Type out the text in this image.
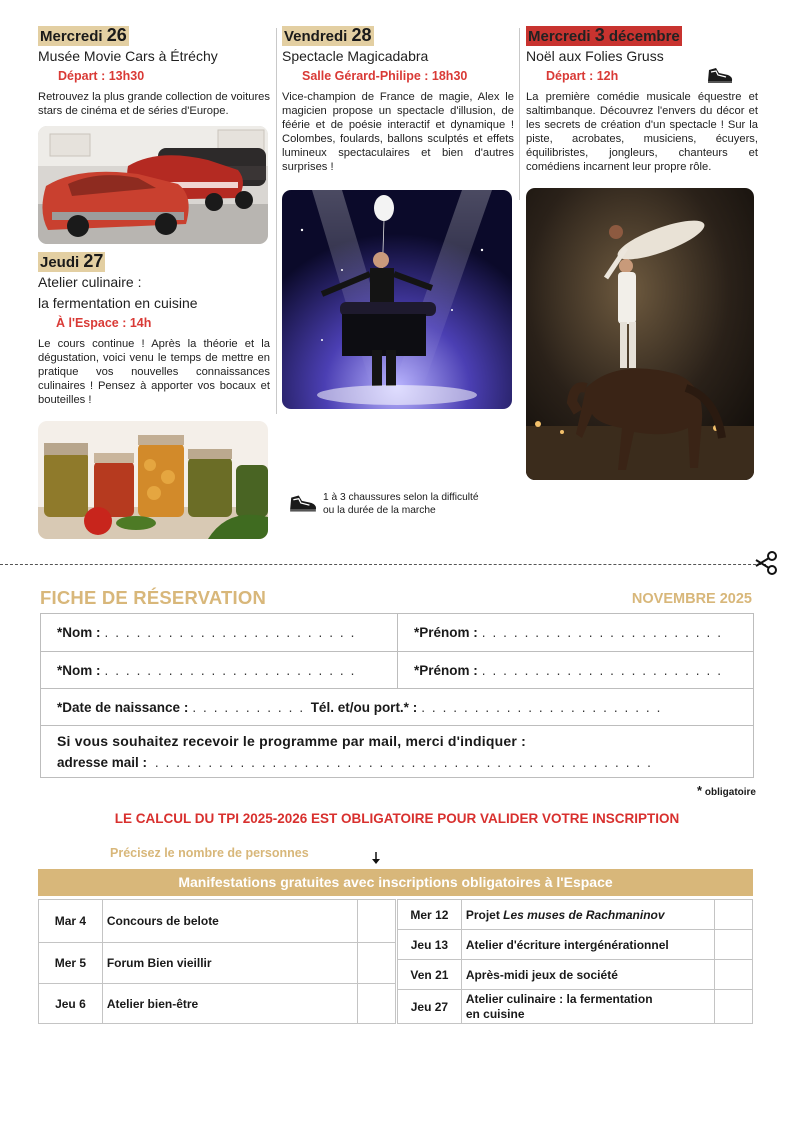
Mercredi 26
Musée Movie Cars à Étréchy
Départ : 13h30
Retrouvez la plus grande collection de voitures stars de cinéma et de séries d'Europe.
Jeudi 27
Atelier culinaire :
la fermentation en cuisine
À l'Espace : 14h
Le cours continue ! Après la théorie et la dégustation, voici venu le temps de mettre en pratique vos nouvelles connaissances culinaires ! Pensez à apporter vos bocaux et bouteilles !
Vendredi 28
Spectacle Magicadabra
Salle Gérard-Philipe : 18h30
Vice-champion de France de magie, Alex le magicien propose un spectacle d'illusion, de féérie et de poésie interactif et dynamique ! Colombes, foulards, ballons sculptés et effets lumineux spectaculaires et bien d'autres surprises !
Mercredi 3 décembre
Noël aux Folies Gruss
Départ : 12h
La première comédie musicale équestre et saltimbanque. Découvrez l'envers du décor et les secrets de création d'un spectacle ! Sur la piste, acrobates, musiciens, écuyers, équilibristes, jongleurs, chanteurs et comédiens incarnent leur propre rôle.
1 à 3 chaussures selon la difficulté
ou la durée de la marche
FICHE DE RÉSERVATION	NOVEMBRE 2025
*Nom : . . . . . . . . . . . . . . . . . . . . . . . .	*Prénom : . . . . . . . . . . . . . . . . . . . . . . .
*Nom : . . . . . . . . . . . . . . . . . . . . . . . .	*Prénom : . . . . . . . . . . . . . . . . . . . . . . .
*Date de naissance : . . . . . . . . . . . Tél. et/ou port.* : . . . . . . . . . . . . . . . . . . . . . . .
Si vous souhaitez recevoir le programme par mail, merci d'indiquer :
adresse mail : . . . . . . . . . . . . . . . . . . . . . . . . . . . . . . . . . . . . . . . . . . . . . . .
* obligatoire
LE CALCUL DU TPI 2025-2026 EST OBLIGATOIRE POUR VALIDER VOTRE INSCRIPTION
Précisez le nombre de personnes
Manifestations gratuites avec inscriptions obligatoires à l'Espace
Mar 4	Concours de belote	
Mer 5	Forum Bien vieillir	
Jeu 6	Atelier bien-être	
Mer 12	Projet Les muses de Rachmaninov	
Jeu 13	Atelier d'écriture intergénérationnel	
Ven 21	Après-midi jeux de société	
Jeu 27	Atelier culinaire : la fermentation
en cuisine	
